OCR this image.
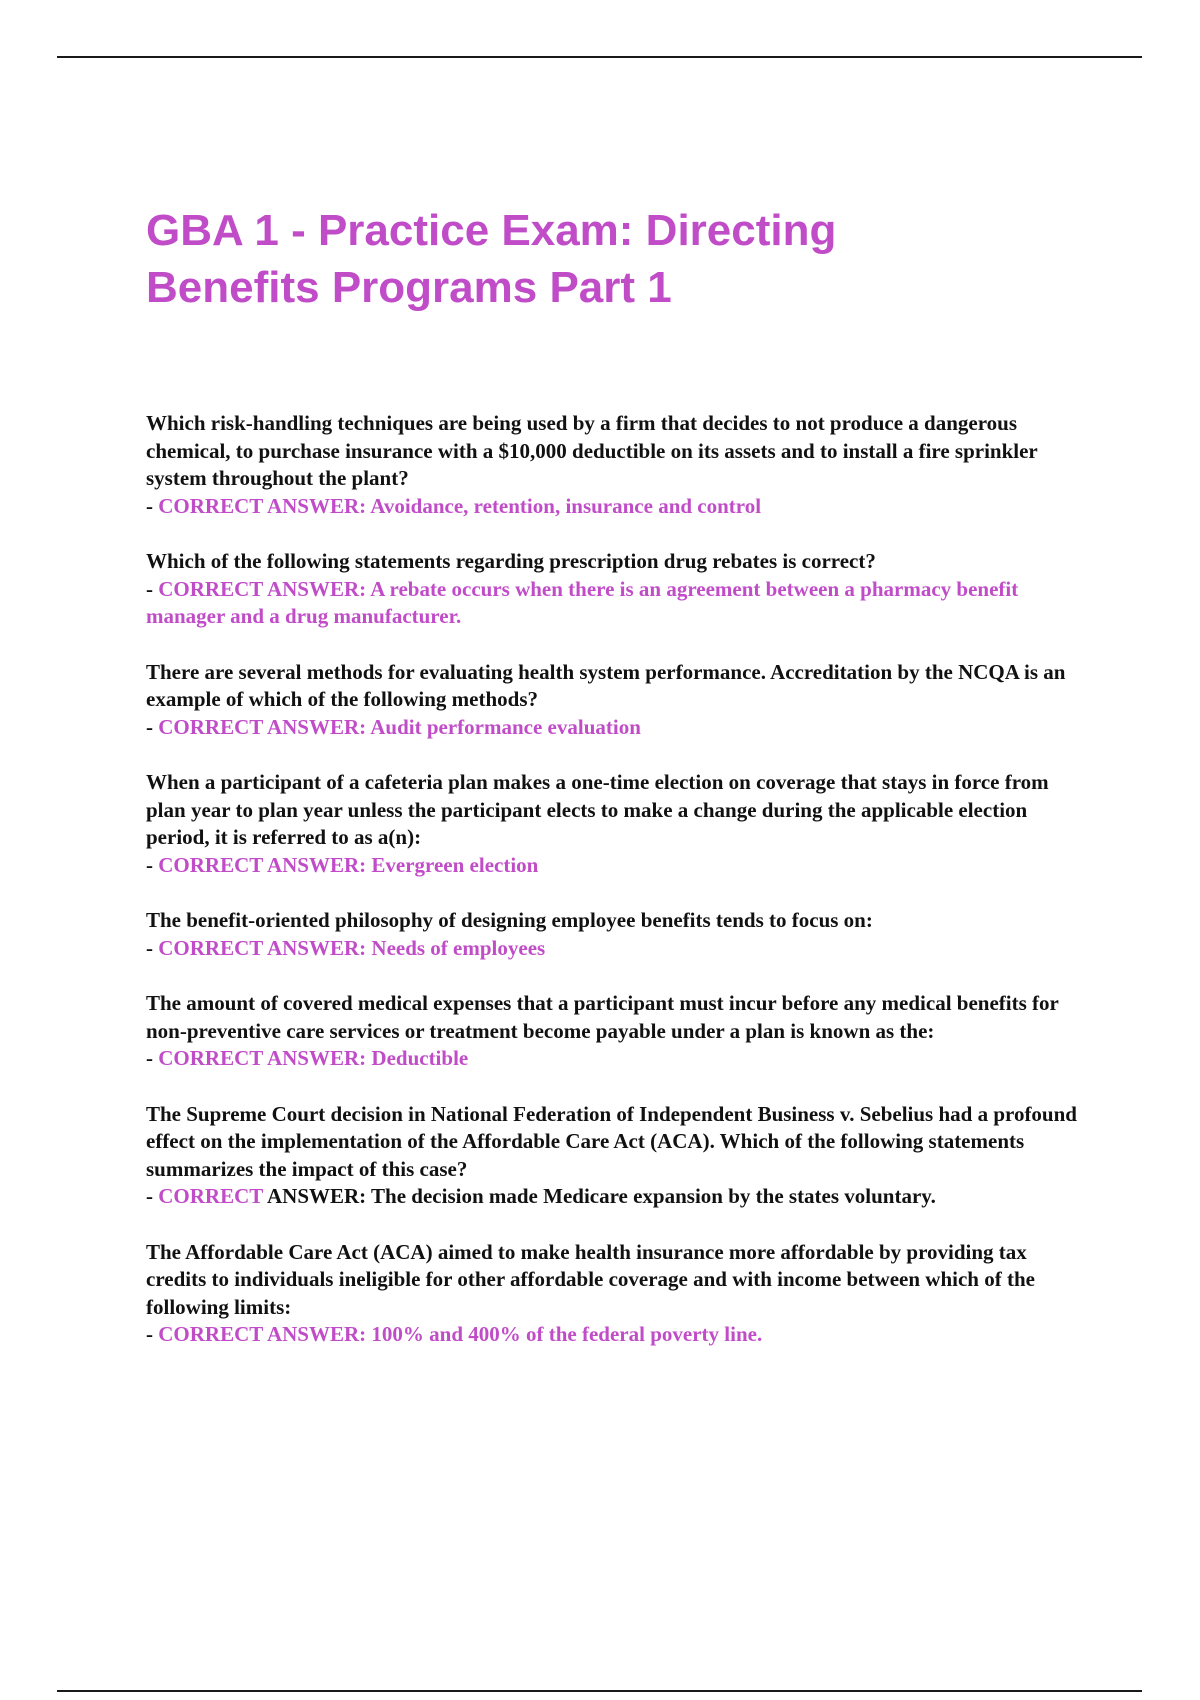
GBA 1 - Practice Exam: Directing
Benefits Programs Part 1
Which risk-handling techniques are being used by a firm that decides to not produce a dangerous chemical, to purchase insurance with a $10,000 deductible on its assets and to install a fire sprinkler system throughout the plant?
- CORRECT ANSWER: Avoidance, retention, insurance and control
Which of the following statements regarding prescription drug rebates is correct?
- CORRECT ANSWER: A rebate occurs when there is an agreement between a pharmacy benefit manager and a drug manufacturer.
There are several methods for evaluating health system performance. Accreditation by the NCQA is an example of which of the following methods?
- CORRECT ANSWER: Audit performance evaluation
When a participant of a cafeteria plan makes a one-time election on coverage that stays in force from plan year to plan year unless the participant elects to make a change during the applicable election period, it is referred to as a(n):
- CORRECT ANSWER: Evergreen election
The benefit-oriented philosophy of designing employee benefits tends to focus on:
- CORRECT ANSWER: Needs of employees
The amount of covered medical expenses that a participant must incur before any medical benefits for non-preventive care services or treatment become payable under a plan is known as the:
- CORRECT ANSWER: Deductible
The Supreme Court decision in National Federation of Independent Business v. Sebelius had a profound effect on the implementation of the Affordable Care Act (ACA). Which of the following statements summarizes the impact of this case?
- CORRECT ANSWER: The decision made Medicare expansion by the states voluntary.
The Affordable Care Act (ACA) aimed to make health insurance more affordable by providing tax credits to individuals ineligible for other affordable coverage and with income between which of the following limits:
- CORRECT ANSWER: 100% and 400% of the federal poverty line.
